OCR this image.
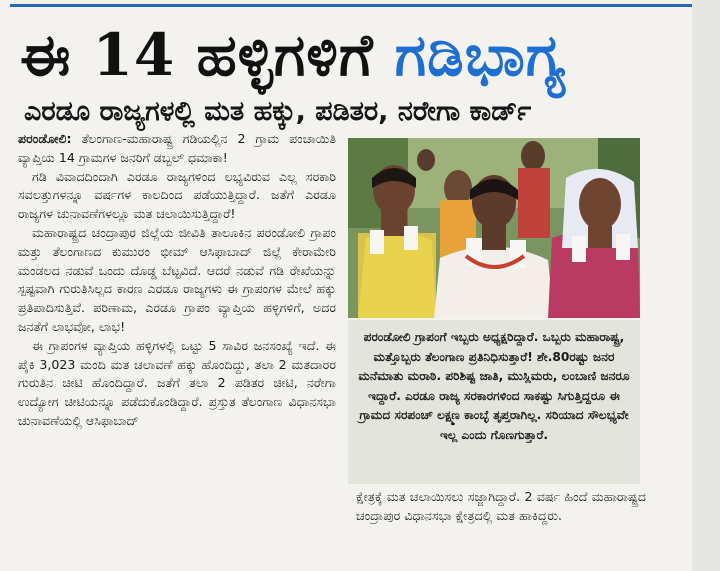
ಈ 14 ಹಳ್ಳಿಗಳಿಗೆ ಗಡಿಭಾಗ್ಯ
ಎರಡೂ ರಾಜ್ಯಗಳಲ್ಲಿ ಮತ ಹಕ್ಕು, ಪಡಿತರ, ನರೇಗಾ ಕಾರ್ಡ್

ಪರಂಡೋಲಿ: ತೆಲಂಗಾಣ-ಮಹಾರಾಷ್ಟ್ರ ಗಡಿಯಲ್ಲಿನ 2 ಗ್ರಾಮ ಪಂಚಾಯಿತಿ ವ್ಯಾಪ್ತಿಯ 14 ಗ್ರಾಮಗಳ ಜನರಿಗೆ ಡಬ್ಬಲ್ ಧಮಾಕಾ!

ಗಡಿ ವಿವಾದದಿಂದಾಗಿ ಎರಡೂ ರಾಜ್ಯಗಳಿಂದ ಲಭ್ಯವಿರುವ ಎಲ್ಲ ಸರಕಾರಿ ಸವಲತ್ತುಗಳನ್ನೂ ವರ್ಷಗಳ ಕಾಲದಿಂದ ಪಡೆಯುತ್ತಿದ್ದಾರೆ. ಜತೆಗೆ ಎರಡೂ ರಾಜ್ಯಗಳ ಚುನಾವಣೆಗಳಲ್ಲೂ ಮತ ಚಲಾಯಿಸುತ್ತಿದ್ದಾರೆ!

ಮಹಾರಾಷ್ಟ್ರದ ಚಂದ್ರಾಪುರ ಜಿಲ್ಲೆಯ ಜೀವಿತಿ ತಾಲೂಕಿನ ಪರಂಡೋಲಿ ಗ್ರಾಪಂ ಮತ್ತು ತೆಲಂಗಾಣದ ಕುಮುರಂ ಭೀಮ್ ಆಸಿಫಾಬಾದ್ ಜಿಲ್ಲೆ ಕೇರಾಮೇರಿ ಮಂಡಲದ ನಡುವೆ ಒಂದು ದೊಡ್ಡ ಬೆಟ್ಟವಿದೆ. ಆದರೆ ನಡುವೆ ಗಡಿ ರೇಖೆಯನ್ನು ಸ್ಪಷ್ಟವಾಗಿ ಗುರುತಿಸಿಲ್ಲದ ಕಾರಣ ಎರಡೂ ರಾಜ್ಯಗಳು ಈ ಗ್ರಾಪಂಗಳ ಮೇಲೆ ಹಕ್ಕು ಪ್ರತಿಪಾದಿಸುತ್ತಿವೆ. ಪರಿಣಾಮ, ಎರಡೂ ಗ್ರಾಪಂ ವ್ಯಾಪ್ತಿಯ ಹಳ್ಳಿಗಳಿಗೆ, ಅದರ ಜನತೆಗೆ ಲಾಭವೋ, ಲಾಭ!

ಈ ಗ್ರಾಪಂಗಳ ವ್ಯಾಪ್ತಿಯ ಹಳ್ಳಿಗಳಲ್ಲಿ ಒಟ್ಟು 5 ಸಾವಿರ ಜನಸಂಖ್ಯೆ ಇದೆ. ಈ ಪೈಕಿ 3,023 ಮಂದಿ ಮತ ಚಲಾವಣೆ ಹಕ್ಕು ಹೊಂದಿದ್ದು, ತಲಾ 2 ಮತದಾರರ ಗುರುತಿನ ಚೀಟಿ ಹೊಂದಿದ್ದಾರೆ. ಜತೆಗೆ ತಲಾ 2 ಪಡಿತರ ಚೀಟಿ, ನರೇಗಾ ಉದ್ಯೋಗ ಚೀಟಿಯನ್ನೂ ಪಡೆದುಕೊಂಡಿದ್ದಾರೆ. ಪ್ರಸ್ತುತ ತೆಲಂಗಾಣ ವಿಧಾನಸಭಾ ಚುನಾವಣೆಯಲ್ಲಿ ಆಸಿಫಾಬಾದ್

ಪರಂಡೋಲಿ ಗ್ರಾಪಂಗೆ ಇಬ್ಬರು ಅಧ್ಯಕ್ಷರಿದ್ದಾರೆ. ಒಬ್ಬರು ಮಹಾರಾಷ್ಟ್ರ, ಮತ್ತೊಬ್ಬರು ತೆಲಂಗಾಣ ಪ್ರತಿನಿಧಿಸುತ್ತಾರೆ! ಶೇ.80ರಷ್ಟು ಜನರ ಮನೆಮಾತು ಮರಾಠಿ. ಪರಿಶಿಷ್ಟ ಜಾತಿ, ಮುಸ್ಲಿಮರು, ಲಂಬಾಣಿ ಜನರೂ ಇದ್ದಾರೆ. ಎರಡೂ ರಾಜ್ಯ ಸರಕಾರಗಳಿಂದ ಸಾಕಷ್ಟು ಸಿಗುತ್ತಿದ್ದರೂ ಈ ಗ್ರಾಮದ ಸರಪಂಚ್ ಲಕ್ಷ್ಮಣ ಕಾಂಬ್ಳೆ ತೃಪ್ತರಾಗಿಲ್ಲ. ಸರಿಯಾದ ಸೌಲಭ್ಯವೇ ಇಲ್ಲ ಎಂದು ಗೊಣಗುತ್ತಾರೆ.

ಕ್ಷೇತ್ರಕ್ಕೆ ಮತ ಚಲಾಯಿಸಲು ಸಜ್ಜಾಗಿದ್ದಾರೆ. 2 ವರ್ಷ ಹಿಂದೆ ಮಹಾರಾಷ್ಟ್ರದ ಚಂದ್ರಾಪುರ ವಿಧಾನಸಭಾ ಕ್ಷೇತ್ರದಲ್ಲಿ ಮತ ಹಾಕಿದ್ದರು.
